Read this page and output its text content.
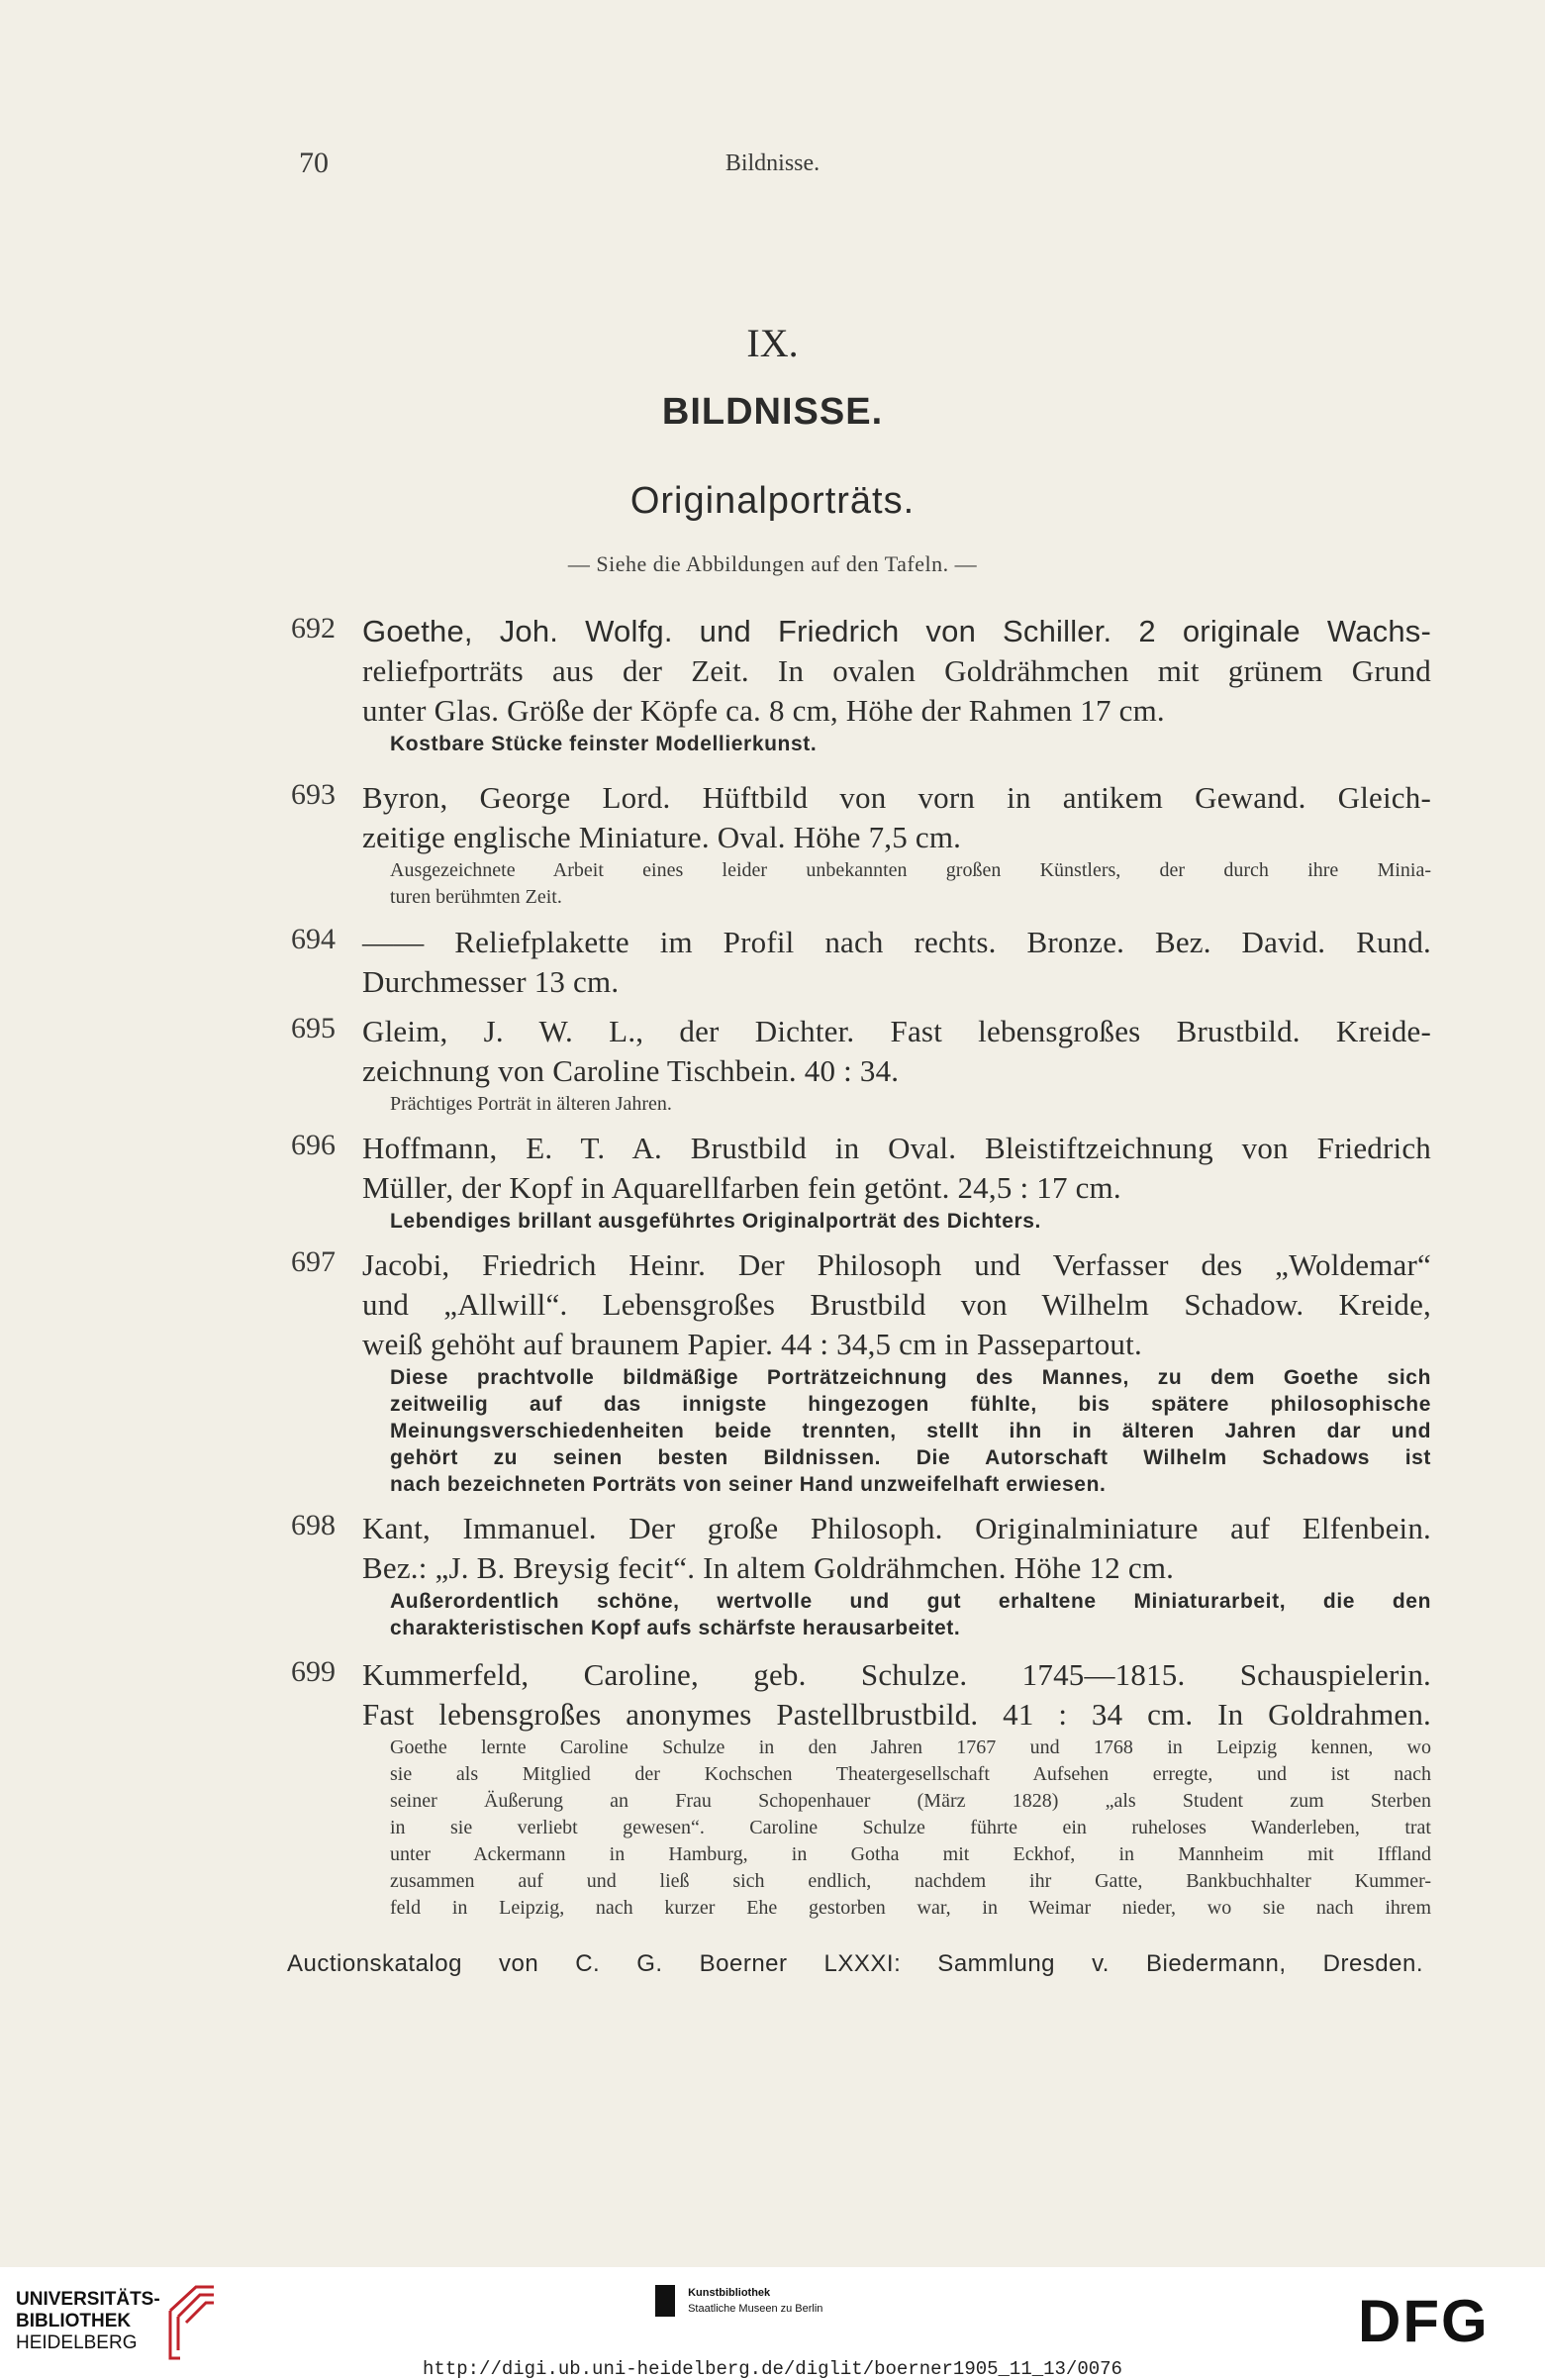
70	Bildnisse.
IX.
BILDNISSE.
Originalporträts.
— Siehe die Abbildungen auf den Tafeln. —
692 Goethe, Joh. Wolfg. und Friedrich von Schiller. 2 originale Wachs-
reliefporträts aus der Zeit. In ovalen Goldrähmchen mit grünem Grund
unter Glas. Größe der Köpfe ca. 8 cm, Höhe der Rahmen 17 cm.
Kostbare Stücke feinster Modellierkunst.
693 Byron, George Lord. Hüftbild von vorn in antikem Gewand. Gleich-
zeitige englische Miniature. Oval. Höhe 7,5 cm.
Ausgezeichnete Arbeit eines leider unbekannten großen Künstlers, der durch ihre Minia-
turen berühmten Zeit.
694 —— Reliefplakette im Profil nach rechts. Bronze. Bez. David. Rund.
Durchmesser 13 cm.
695 Gleim, J. W. L., der Dichter. Fast lebensgroßes Brustbild. Kreide-
zeichnung von Caroline Tischbein. 40 : 34.
Prächtiges Porträt in älteren Jahren.
696 Hoffmann, E. T. A. Brustbild in Oval. Bleistiftzeichnung von Friedrich
Müller, der Kopf in Aquarellfarben fein getönt. 24,5 : 17 cm.
Lebendiges brillant ausgeführtes Originalporträt des Dichters.
697 Jacobi, Friedrich Heinr. Der Philosoph und Verfasser des „Woldemar“
und „Allwill“. Lebensgroßes Brustbild von Wilhelm Schadow. Kreide,
weiß gehöht auf braunem Papier. 44 : 34,5 cm in Passepartout.
Diese prachtvolle bildmäßige Porträtzeichnung des Mannes, zu dem Goethe sich
zeitweilig auf das innigste hingezogen fühlte, bis spätere philosophische
Meinungsverschiedenheiten beide trennten, stellt ihn in älteren Jahren dar und
gehört zu seinen besten Bildnissen. Die Autorschaft Wilhelm Schadows ist
nach bezeichneten Porträts von seiner Hand unzweifelhaft erwiesen.
698 Kant, Immanuel. Der große Philosoph. Originalminiature auf Elfenbein.
Bez.: „J. B. Breysig fecit“. In altem Goldrähmchen. Höhe 12 cm.
Außerordentlich schöne, wertvolle und gut erhaltene Miniaturarbeit, die den
charakteristischen Kopf aufs schärfste herausarbeitet.
699 Kummerfeld, Caroline, geb. Schulze. 1745—1815. Schauspielerin.
Fast lebensgroßes anonymes Pastellbrustbild. 41 : 34 cm. In Goldrahmen.
Goethe lernte Caroline Schulze in den Jahren 1767 und 1768 in Leipzig kennen, wo
sie als Mitglied der Kochschen Theatergesellschaft Aufsehen erregte, und ist nach
seiner Äußerung an Frau Schopenhauer (März 1828) „als Student zum Sterben
in sie verliebt gewesen“. Caroline Schulze führte ein ruheloses Wanderleben, trat
unter Ackermann in Hamburg, in Gotha mit Eckhof, in Mannheim mit Iffland
zusammen auf und ließ sich endlich, nachdem ihr Gatte, Bankbuchhalter Kummer-
feld in Leipzig, nach kurzer Ehe gestorben war, in Weimar nieder, wo sie nach ihrem
Auctionskatalog von C. G. Boerner LXXXI: Sammlung v. Biedermann, Dresden.
UNIVERSITÄTS-
BIBLIOTHEK
HEIDELBERG

Kunstbibliothek
Staatliche Museen zu Berlin	DFG
http://digi.ub.uni-heidelberg.de/diglit/boerner1905_11_13/0076
